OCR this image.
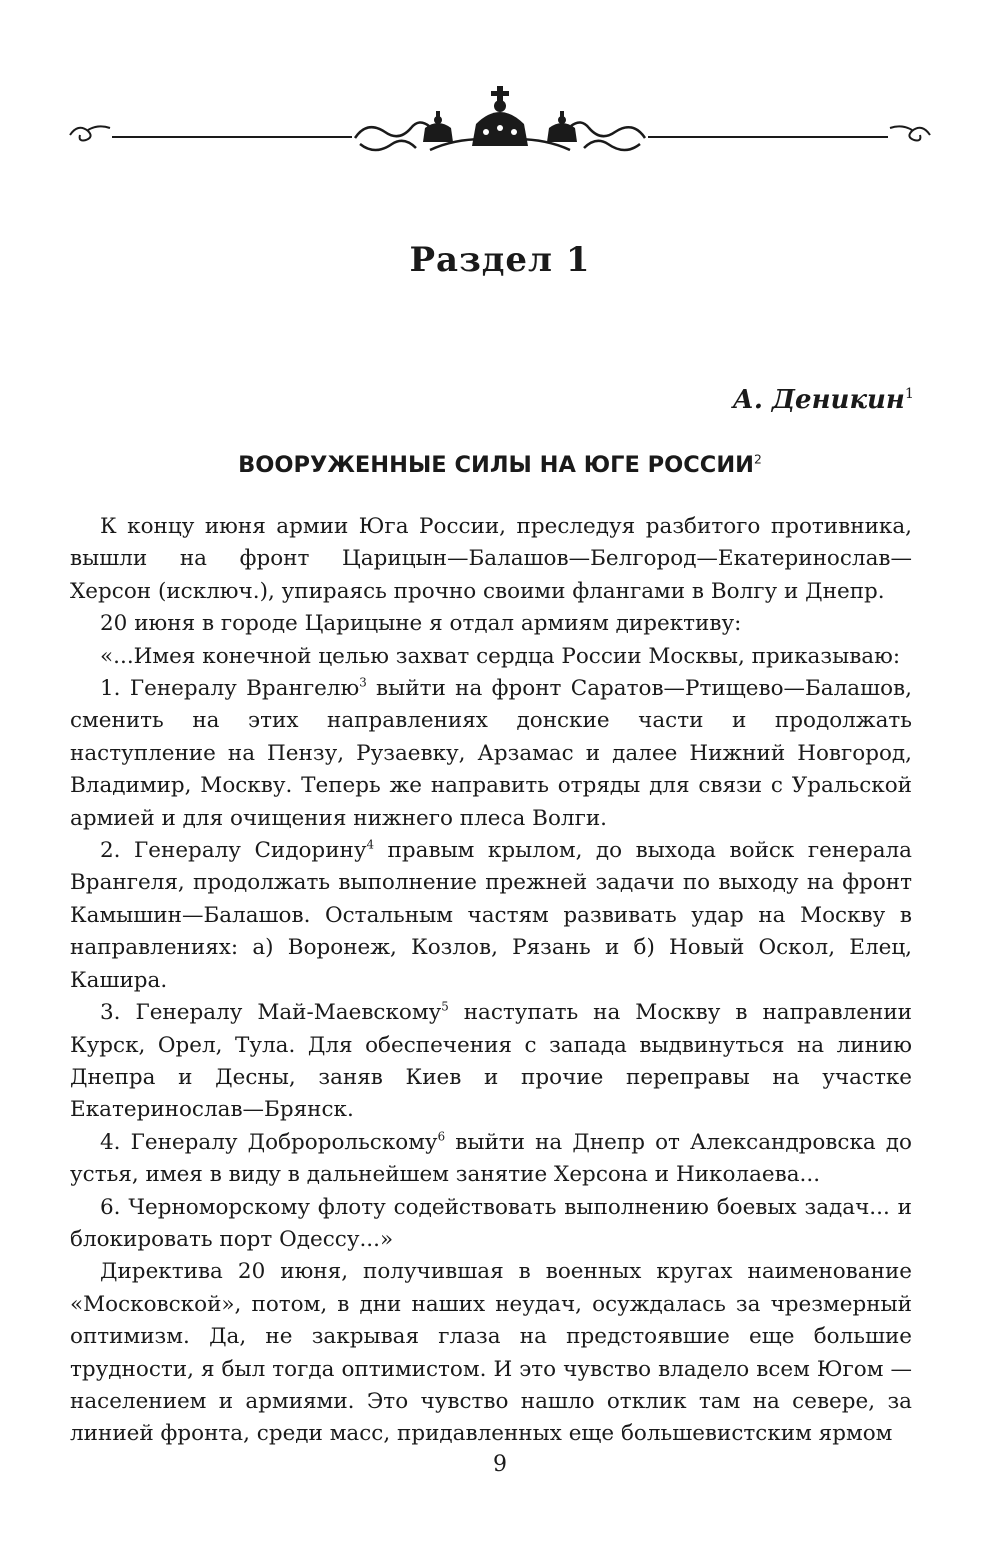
Раздел 1

А. Деникин$^1$

ВООРУЖЕННЫЕ СИЛЫ НА ЮГЕ РОССИИ$^2$

К концу июня армии Юга России, преследуя разбитого противника, вышли на фронт Царицын—Балашов—Белгород—Екатеринослав—Херсон (исключ.), упираясь прочно своими флангами в Волгу и Днепр.

20 июня в городе Царицыне я отдал армиям директиву:

«...Имея конечной целью захват сердца России Москвы, приказываю:

1. Генералу Врангелю$^3$ выйти на фронт Саратов—Ртищево—Балашов, сменить на этих направлениях донские части и продолжать наступление на Пензу, Рузаевку, Арзамас и далее Нижний Новгород, Владимир, Москву. Теперь же направить отряды для связи с Уральской армией и для очищения нижнего плеса Волги.

2. Генералу Сидорину$^4$ правым крылом, до выхода войск генерала Врангеля, продолжать выполнение прежней задачи по выходу на фронт Камышин—Балашов. Остальным частям развивать удар на Москву в направлениях: а) Воронеж, Козлов, Рязань и б) Новый Оскол, Елец, Кашира.

3. Генералу Май-Маевскому$^5$ наступать на Москву в направлении Курск, Орел, Тула. Для обеспечения с запада выдвинуться на линию Днепра и Десны, заняв Киев и прочие переправы на участке Екатеринослав—Брянск.

4. Генералу Добророльскому$^6$ выйти на Днепр от Александровска до устья, имея в виду в дальнейшем занятие Херсона и Николаева...

6. Черноморскому флоту содействовать выполнению боевых задач... и блокировать порт Одессу...»

Директива 20 июня, получившая в военных кругах наименование «Московской», потом, в дни наших неудач, осуждалась за чрезмерный оптимизм. Да, не закрывая глаза на предстоявшие еще большие трудности, я был тогда оптимистом. И это чувство владело всем Югом — населением и армиями. Это чувство нашло отклик там на севере, за линией фронта, среди масс, придавленных еще большевистским ярмом

9
